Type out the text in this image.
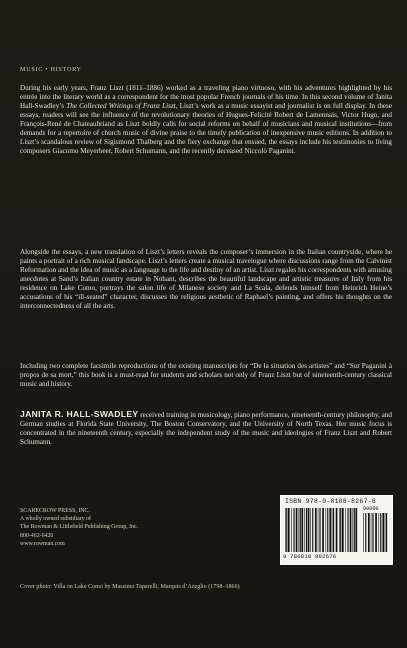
MUSIC • HISTORY

During his early years, Franz Liszt (1811–1886) worked as a traveling piano virtuoso, with his adventures highlighted by his entrée into the literary world as a correspondent for the most popular French journals of his time. In this second volume of Janita Hall-Swadley’s The Collected Writings of Franz Liszt, Liszt’s work as a music essayist and journalist is on full display. In these essays, readers will see the influence of the revolutionary theories of Hugues-Felicité Robert de Lamennais, Victor Hugo, and François-René de Chateaubriand as Liszt boldly calls for social reforms on behalf of musicians and musical institutions—from demands for a repertoire of church music of divine praise to the timely publication of inexpensive music editions. In addition to Liszt’s scandalous review of Sigismond Thalberg and the fiery exchange that ensued, the essays include his testimonies to living composers Giacomo Meyerbeer, Robert Schumann, and the recently deceased Niccolò Paganini.

Alongside the essays, a new translation of Liszt’s letters reveals the composer’s immersion in the Italian countryside, where he paints a portrait of a rich musical landscape. Liszt’s letters create a musical travelogue where discussions range from the Calvinist Reformation and the idea of music as a language to the life and destiny of an artist. Liszt regales his correspondents with amusing anecdotes at Sand’s Italian country estate in Nohant, describes the beautiful landscape and artistic treasures of Italy from his residence on Lake Como, portrays the salon life of Milanese society and La Scala, defends himself from Heinrich Heine’s accusations of his “ill-seated” character, discusses the religious aesthetic of Raphael’s painting, and offers his thoughts on the interconnectedness of all the arts.

Including two complete facsimile reproductions of the existing manuscripts for “De la situation des artistes” and “Sur Paganini à propos de sa mort,” this book is a must-read for students and scholars not only of Franz Liszt but of nineteenth-century classical music and history.

JANITA R. HALL-SWADLEY received training in musicology, piano performance, nineteenth-century philosophy, and German studies at Florida State University, The Boston Conservatory, and the University of North Texas. Her music focus is concentrated in the nineteenth century, especially the independent study of the music and ideologies of Franz Liszt and Robert Schumann.

SCARECROW PRESS, INC.
A wholly owned subsidiary of
The Rowman & Littlefield Publishing Group, Inc.
800-462-6420
www.rowman.com
ISBN 978-0-8108-8267-6
90000
9 780810 882676
Cover photo: Villa on Lake Como by Massimo Taparelli, Marquis d’Azeglio (1798–1866)
